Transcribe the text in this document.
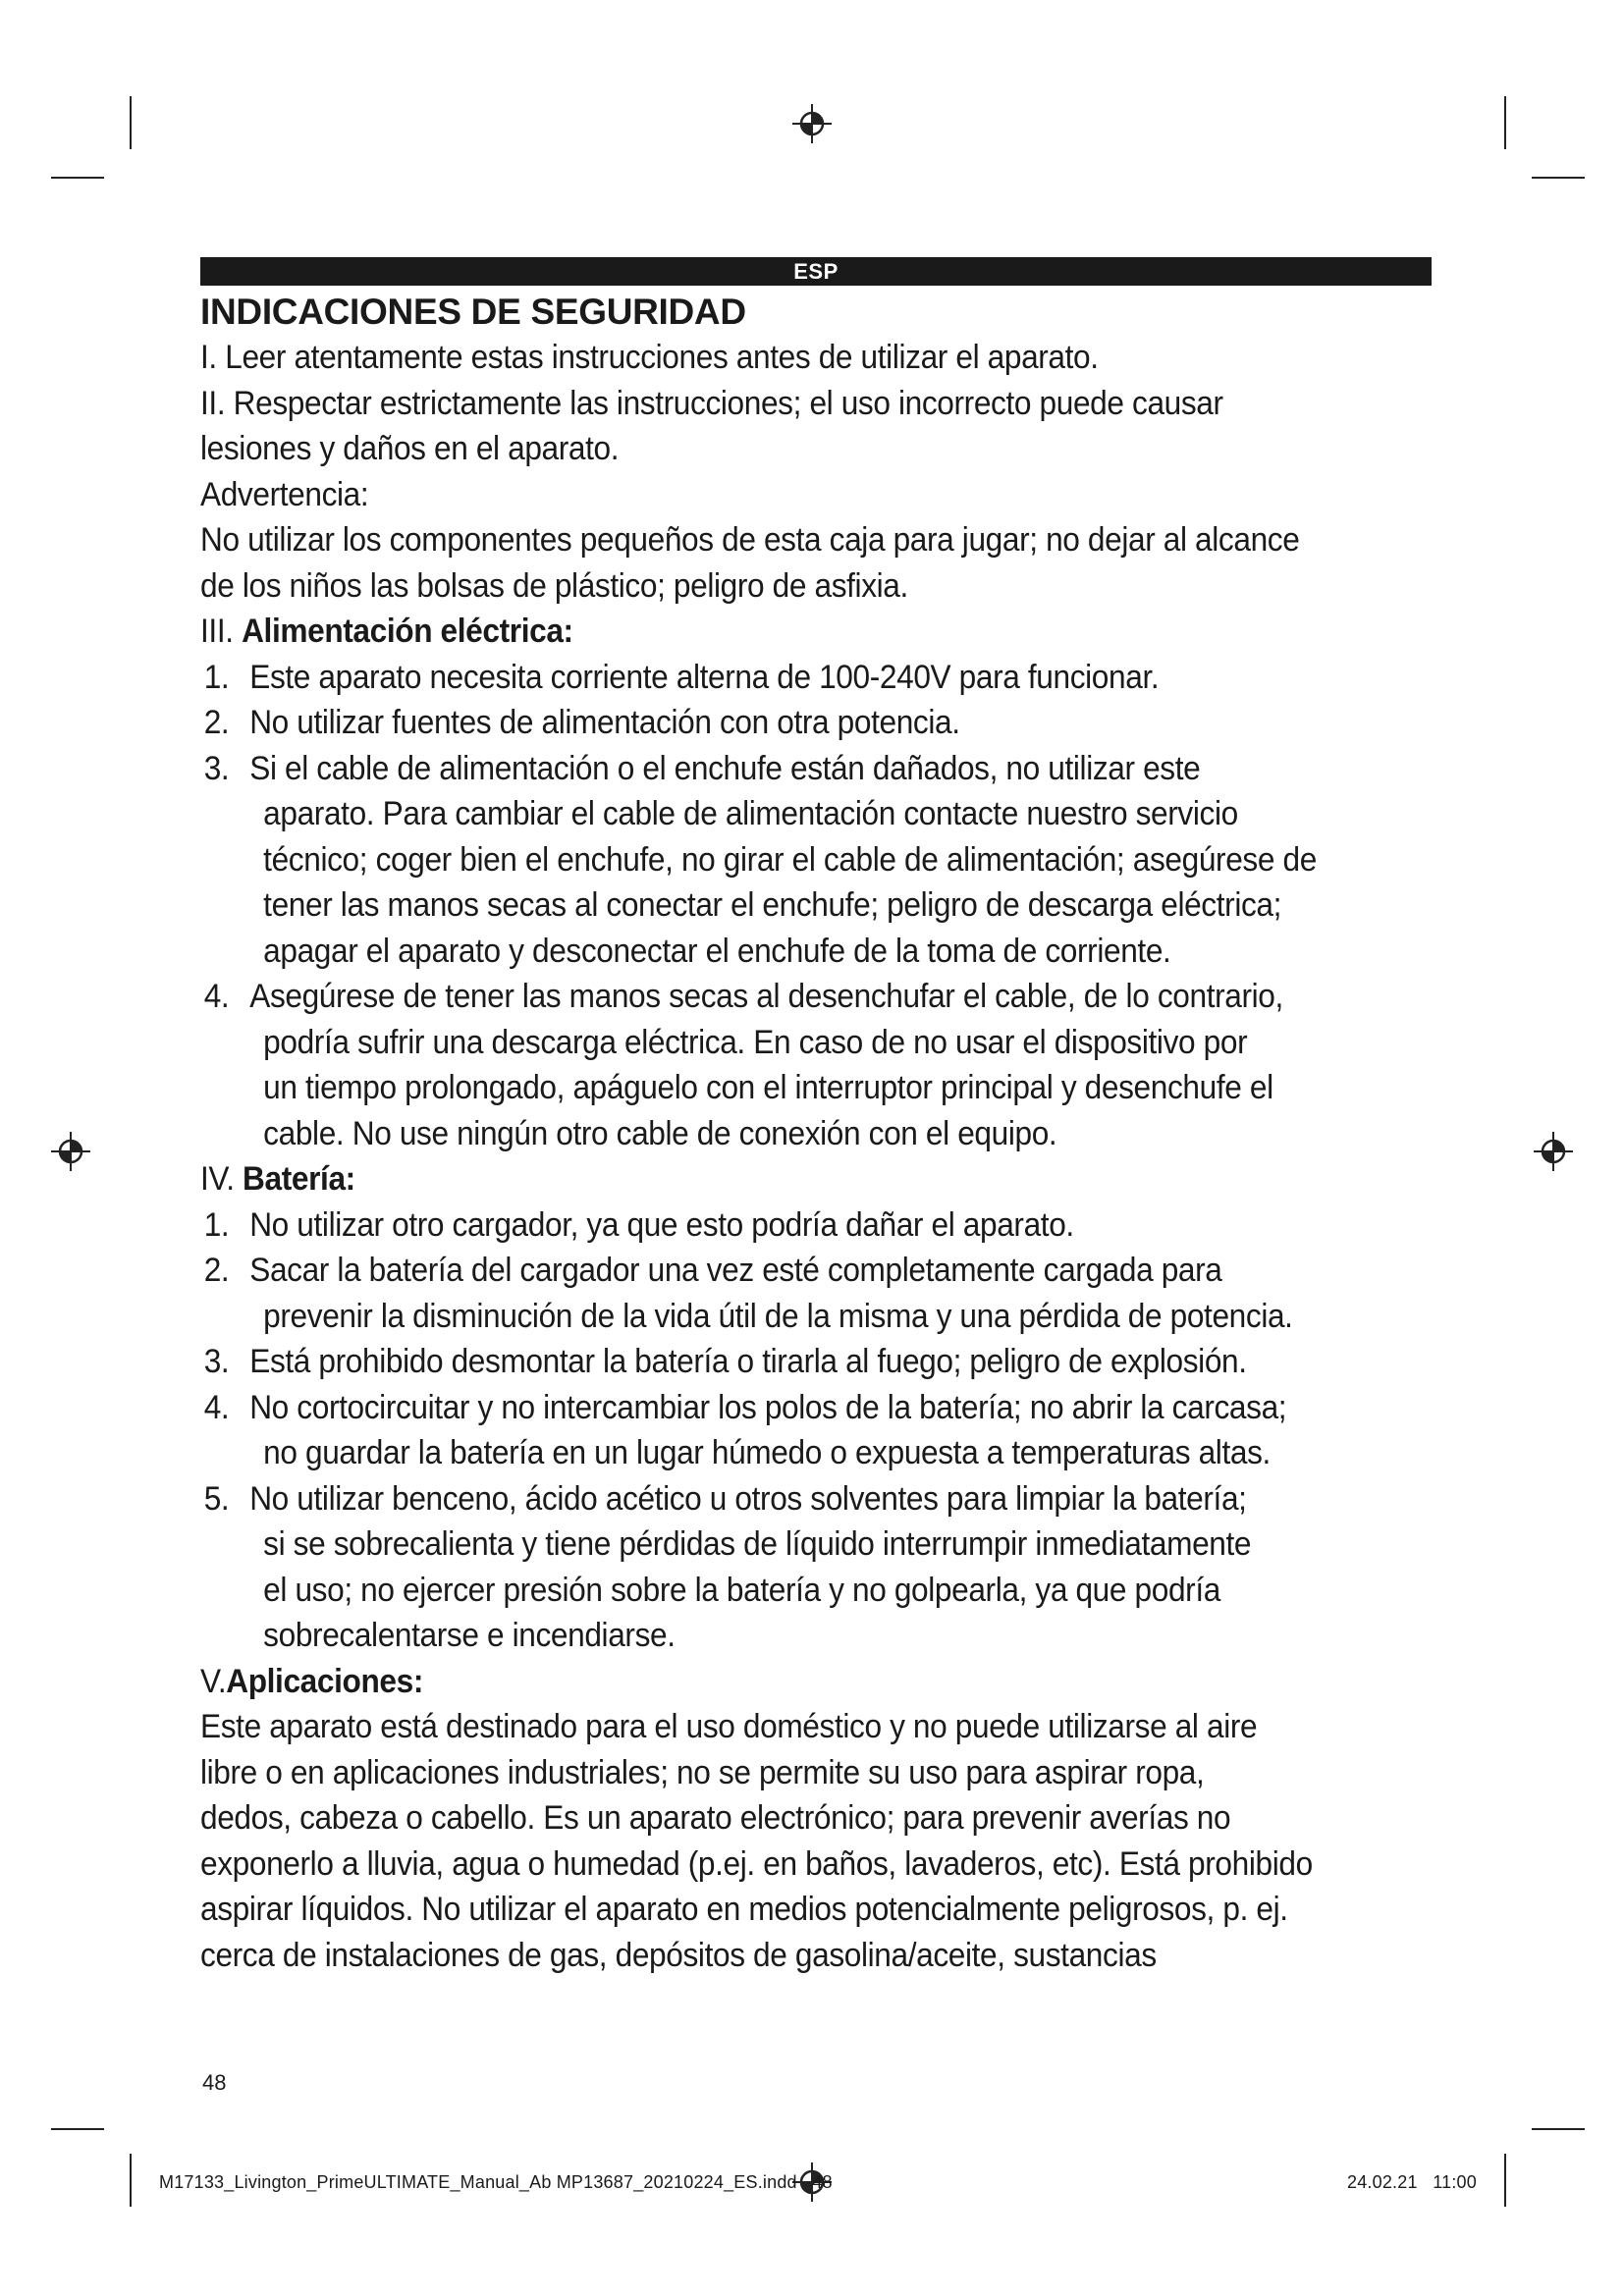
ESP
INDICACIONES DE SEGURIDAD

I. Leer atentamente estas instrucciones antes de utilizar el aparato.

II. Respectar estrictamente las instrucciones; el uso incorrecto puede causar

lesiones y daños en el aparato.

Advertencia:

No utilizar los componentes pequeños de esta caja para jugar; no dejar al alcance

de los niños las bolsas de plástico; peligro de asfixia.

III. Alimentación eléctrica:

1. Este aparato necesita corriente alterna de 100-240V para funcionar.
2. No utilizar fuentes de alimentación con otra potencia.
3. Si el cable de alimentación o el enchufe están dañados, no utilizar este
aparato. Para cambiar el cable de alimentación contacte nuestro servicio
técnico; coger bien el enchufe, no girar el cable de alimentación; asegúrese de
tener las manos secas al conectar el enchufe; peligro de descarga eléctrica;
apagar el aparato y desconectar el enchufe de la toma de corriente.
4. Asegúrese de tener las manos secas al desenchufar el cable, de lo contrario,
podría sufrir una descarga eléctrica. En caso de no usar el dispositivo por
un tiempo prolongado, apáguelo con el interruptor principal y desenchufe el
cable. No use ningún otro cable de conexión con el equipo.

IV. Batería:

1. No utilizar otro cargador, ya que esto podría dañar el aparato.
2. Sacar la batería del cargador una vez esté completamente cargada para
prevenir la disminución de la vida útil de la misma y una pérdida de potencia.
3. Está prohibido desmontar la batería o tirarla al fuego; peligro de explosión.
4. No cortocircuitar y no intercambiar los polos de la batería; no abrir la carcasa;
no guardar la batería en un lugar húmedo o expuesta a temperaturas altas.
5. No utilizar benceno, ácido acético u otros solventes para limpiar la batería;
si se sobrecalienta y tiene pérdidas de líquido interrumpir inmediatamente
el uso; no ejercer presión sobre la batería y no golpearla, ya que podría
sobrecalentarse e incendiarse.

V.Aplicaciones:

Este aparato está destinado para el uso doméstico y no puede utilizarse al aire

libre o en aplicaciones industriales; no se permite su uso para aspirar ropa,

dedos, cabeza o cabello. Es un aparato electrónico; para prevenir averías no

exponerlo a lluvia, agua o humedad (p.ej. en baños, lavaderos, etc). Está prohibido

aspirar líquidos. No utilizar el aparato en medios potencialmente peligrosos, p. ej.

cerca de instalaciones de gas, depósitos de gasolina/aceite, sustancias

48
M17133_Livington_PrimeULTIMATE_Manual_Ab MP13687_20210224_ES.indd   48	24.02.21   11:00
